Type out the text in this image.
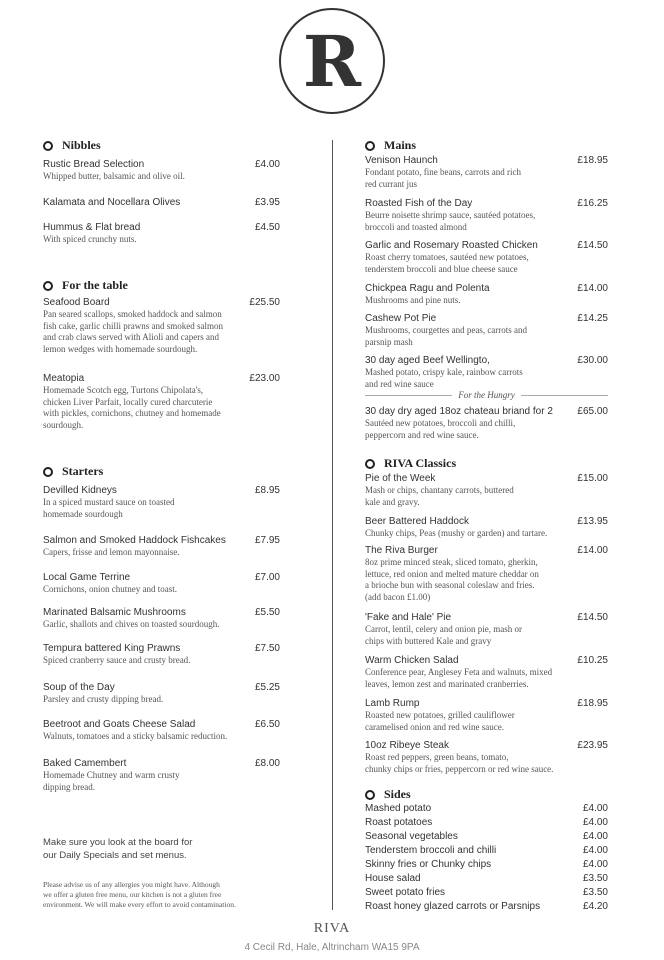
R
Nibbles
Rustic Bread Selection	£4.00
Whipped butter, balsamic and olive oil.
Kalamata and Nocellara Olives	£3.95
Hummus & Flat bread	£4.50
With spiced crunchy nuts.
For the table
Seafood Board	£25.50
Pan seared scallops, smoked haddock and salmon
fish cake, garlic chilli prawns and smoked salmon
and crab claws served with Alioli and capers and
lemon wedges with homemade sourdough.
Meatopia	£23.00
Homemade Scotch egg, Turtons Chipolata's,
chicken Liver Parfait, locally cured charcuterie
with pickles, cornichons, chutney and homemade
sourdough.
Starters
Devilled Kidneys	£8.95
In a spiced mustard sauce on toasted
homemade sourdough
Salmon and Smoked Haddock Fishcakes	£7.95
Capers, frisse and lemon mayonnaise.
Local Game Terrine	£7.00
Cornichons, onion chutney and toast.
Marinated Balsamic Mushrooms	£5.50
Garlic, shallots and chives on toasted sourdough.
Tempura battered King Prawns	£7.50
Spiced cranberry sauce and crusty bread.
Soup of the Day	£5.25
Parsley and crusty dipping bread.
Beetroot and Goats Cheese Salad	£6.50
Walnuts, tomatoes and a sticky balsamic reduction.
Baked Camembert	£8.00
Homemade Chutney and warm crusty
dipping bread.
Mains
Venison Haunch	£18.95
Fondant potato, fine beans, carrots and rich
red currant jus
Roasted Fish of the Day	£16.25
Beurre noisette shrimp sauce, sautéed potatoes,
broccoli and toasted almond
Garlic and Rosemary Roasted Chicken	£14.50
Roast cherry tomatoes, sautéed new potatoes,
tenderstem broccoli and blue cheese sauce
Chickpea Ragu and Polenta	£14.00
Mushrooms and pine nuts.
Cashew Pot Pie	£14.25
Mushrooms, courgettes and peas, carrots and
parsnip mash
30 day aged Beef Wellingto,	£30.00
Mashed potato, crispy kale, rainbow carrots
and red wine sauce
For the Hungry
30 day dry aged 18oz chateau briand for 2	£65.00
Sautéed new potatoes, broccoli and chilli,
peppercorn and red wine sauce.
RIVA Classics
Pie of the Week	£15.00
Mash or chips, chantany carrots, buttered
kale and gravy.
Beer Battered Haddock	£13.95
Chunky chips, Peas (mushy or garden) and tartare.
The Riva Burger	£14.00
8oz prime minced steak, sliced tomato, gherkin,
lettuce, red onion and melted mature cheddar on
a brioche bun with seasonal coleslaw and fries.
(add bacon £1.00)
'Fake and Hale' Pie	£14.50
Carrot, lentil, celery and onion pie, mash or
chips with buttered Kale and gravy
Warm Chicken Salad	£10.25
Conference pear, Anglesey Feta and walnuts, mixed
leaves, lemon zest and marinated cranberries.
Lamb Rump	£18.95
Roasted new potatoes, grilled cauliflower
caramelised onion and red wine sauce.
10oz Ribeye Steak	£23.95
Roast red peppers, green beans, tomato,
chunky chips or fries, peppercorn or red wine sauce.
Sides
Mashed potato	£4.00
Roast potatoes	£4.00
Seasonal vegetables	£4.00
Tenderstem broccoli and chilli	£4.00
Skinny fries or Chunky chips	£4.00
House salad	£3.50
Sweet potato fries	£3.50
Roast honey glazed carrots or Parsnips	£4.20
Make sure you look at the board for
our Daily Specials and set menus.
Please advise us of any allergies you might have. Although
we offer a gluten free menu, our kitchen is not a gluten free
environment. We will make every effort to avoid contamination.
RIVA
4 Cecil Rd, Hale, Altrincham WA15 9PA
